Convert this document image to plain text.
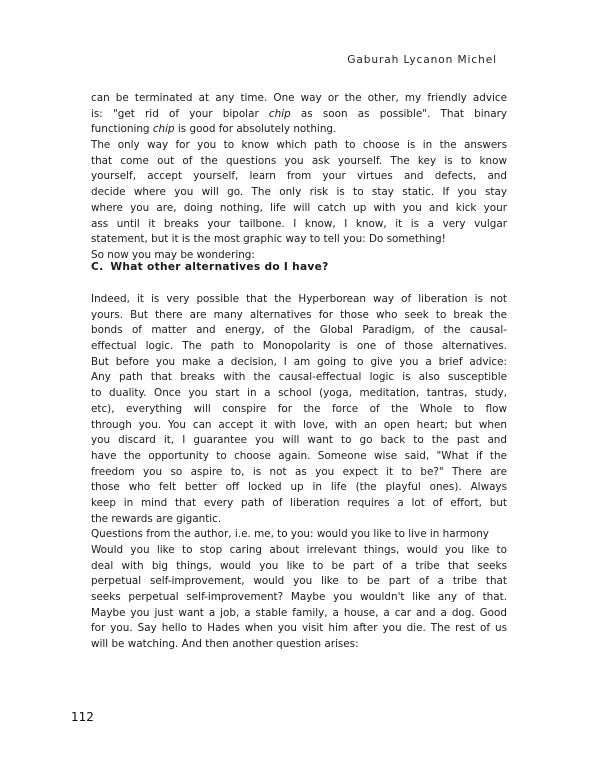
Gaburah Lycanon Michel
can be terminated at any time. One way or the other, my friendly advice
is: "get rid of your bipolar chip as soon as possible". That binary
functioning chip is good for absolutely nothing.
The only way for you to know which path to choose is in the answers
that come out of the questions you ask yourself. The key is to know
yourself, accept yourself, learn from your virtues and defects, and
decide where you will go. The only risk is to stay static. If you stay
where you are, doing nothing, life will catch up with you and kick your
ass until it breaks your tailbone. I know, I know, it is a very vulgar
statement, but it is the most graphic way to tell you: Do something!
So now you may be wondering:
C. What other alternatives do I have?
Indeed, it is very possible that the Hyperborean way of liberation is not
yours. But there are many alternatives for those who seek to break the
bonds of matter and energy, of the Global Paradigm, of the causal-
effectual logic. The path to Monopolarity is one of those alternatives.
But before you make a decision, I am going to give you a brief advice:
Any path that breaks with the causal-effectual logic is also susceptible
to duality. Once you start in a school (yoga, meditation, tantras, study,
etc), everything will conspire for the force of the Whole to flow
through you. You can accept it with love, with an open heart; but when
you discard it, I guarantee you will want to go back to the past and
have the opportunity to choose again. Someone wise said, "What if the
freedom you so aspire to, is not as you expect it to be?" There are
those who felt better off locked up in life (the playful ones). Always
keep in mind that every path of liberation requires a lot of effort, but
the rewards are gigantic.
Questions from the author, i.e. me, to you: would you like to live in harmony
Would you like to stop caring about irrelevant things, would you like to
deal with big things, would you like to be part of a tribe that seeks
perpetual self-improvement, would you like to be part of a tribe that
seeks perpetual self-improvement? Maybe you wouldn't like any of that.
Maybe you just want a job, a stable family, a house, a car and a dog. Good
for you. Say hello to Hades when you visit him after you die. The rest of us
will be watching. And then another question arises:
112
